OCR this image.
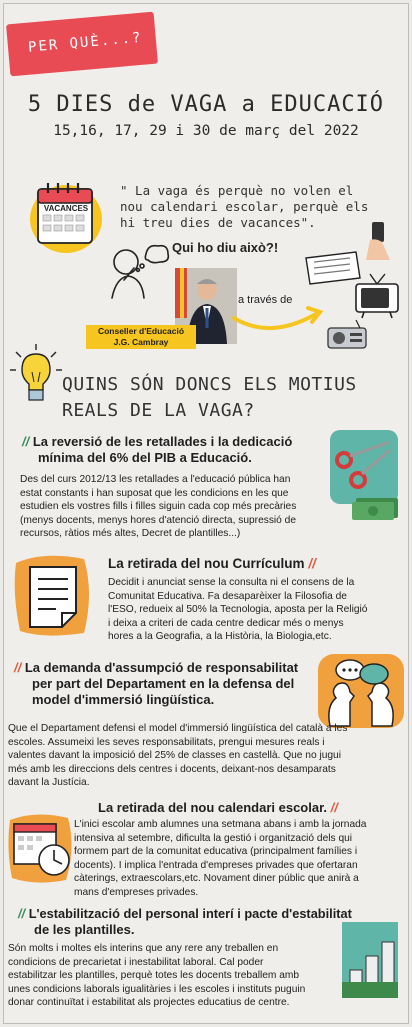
PER QUÈ...?
5 DIES de VAGA a EDUCACIÓ
15,16, 17, 29 i 30 de març del 2022
VACANCES
" La vaga és perquè no volen el nou calendari escolar, perquè els hi treu dies de vacances".
Qui ho diu això?!
a través de
Conseller d'Educació
J.G. Cambray
QUINS SÓN DONCS ELS MOTIUS
REALS DE LA VAGA?
// La reversió de les retallades i la dedicació
mínima del 6% del PIB a Educació.
Des del curs 2012/13 les retallades a l'educació pública han
estat constants i han suposat que les condicions en les que
estudien els vostres fills i filles siguin cada cop més precàries
(menys docents, menys hores d'atenció directa, supressió de
recursos, ràtios més altes, Decret de plantilles...)
La retirada del nou Currículum //
Decidit i anunciat sense la consulta ni el consens de la
Comunitat Educativa. Fa desaparèixer la Filosofia de
l'ESO, redueix al 50% la Tecnologia, aposta per la Religió
i deixa a criteri de cada centre dedicar més o menys
hores a la Geografia, a la Història, la Biologia,etc.
// La demanda d'assumpció de responsabilitat
per part del Departament en la defensa del
model d'immersió lingüística.
Que el Departament defensi el model d'immersió lingüística del català a les
escoles. Assumeixi les seves responsabilitats, prengui mesures reals i
valentes davant la imposició del 25% de classes en castellà. Que no jugui
més amb les direccions dels centres i docents, deixant-nos desamparats
davant la Justícia.
La retirada del nou calendari escolar. //
L'inici escolar amb alumnes una setmana abans i amb la jornada
intensiva al setembre, dificulta la gestió i organització dels qui
formem part de la comunitat educativa (principalment famílies i
docents). I implica l'entrada d'empreses privades que ofertaran
càterings, extraescolars,etc. Novament diner públic que anirà a
mans d'empreses privades.
// L'estabilització del personal interí i pacte d'estabilitat
de les plantilles.
Són molts i moltes els interins que any rere any treballen en
condicions de precarietat i inestabilitat laboral. Cal poder
estabilitzar les plantilles, perquè totes les docents treballem amb
unes condicions laborals igualitàries i les escoles i instituts puguin
donar continuïtat i estabilitat als projectes educatius de centre.
